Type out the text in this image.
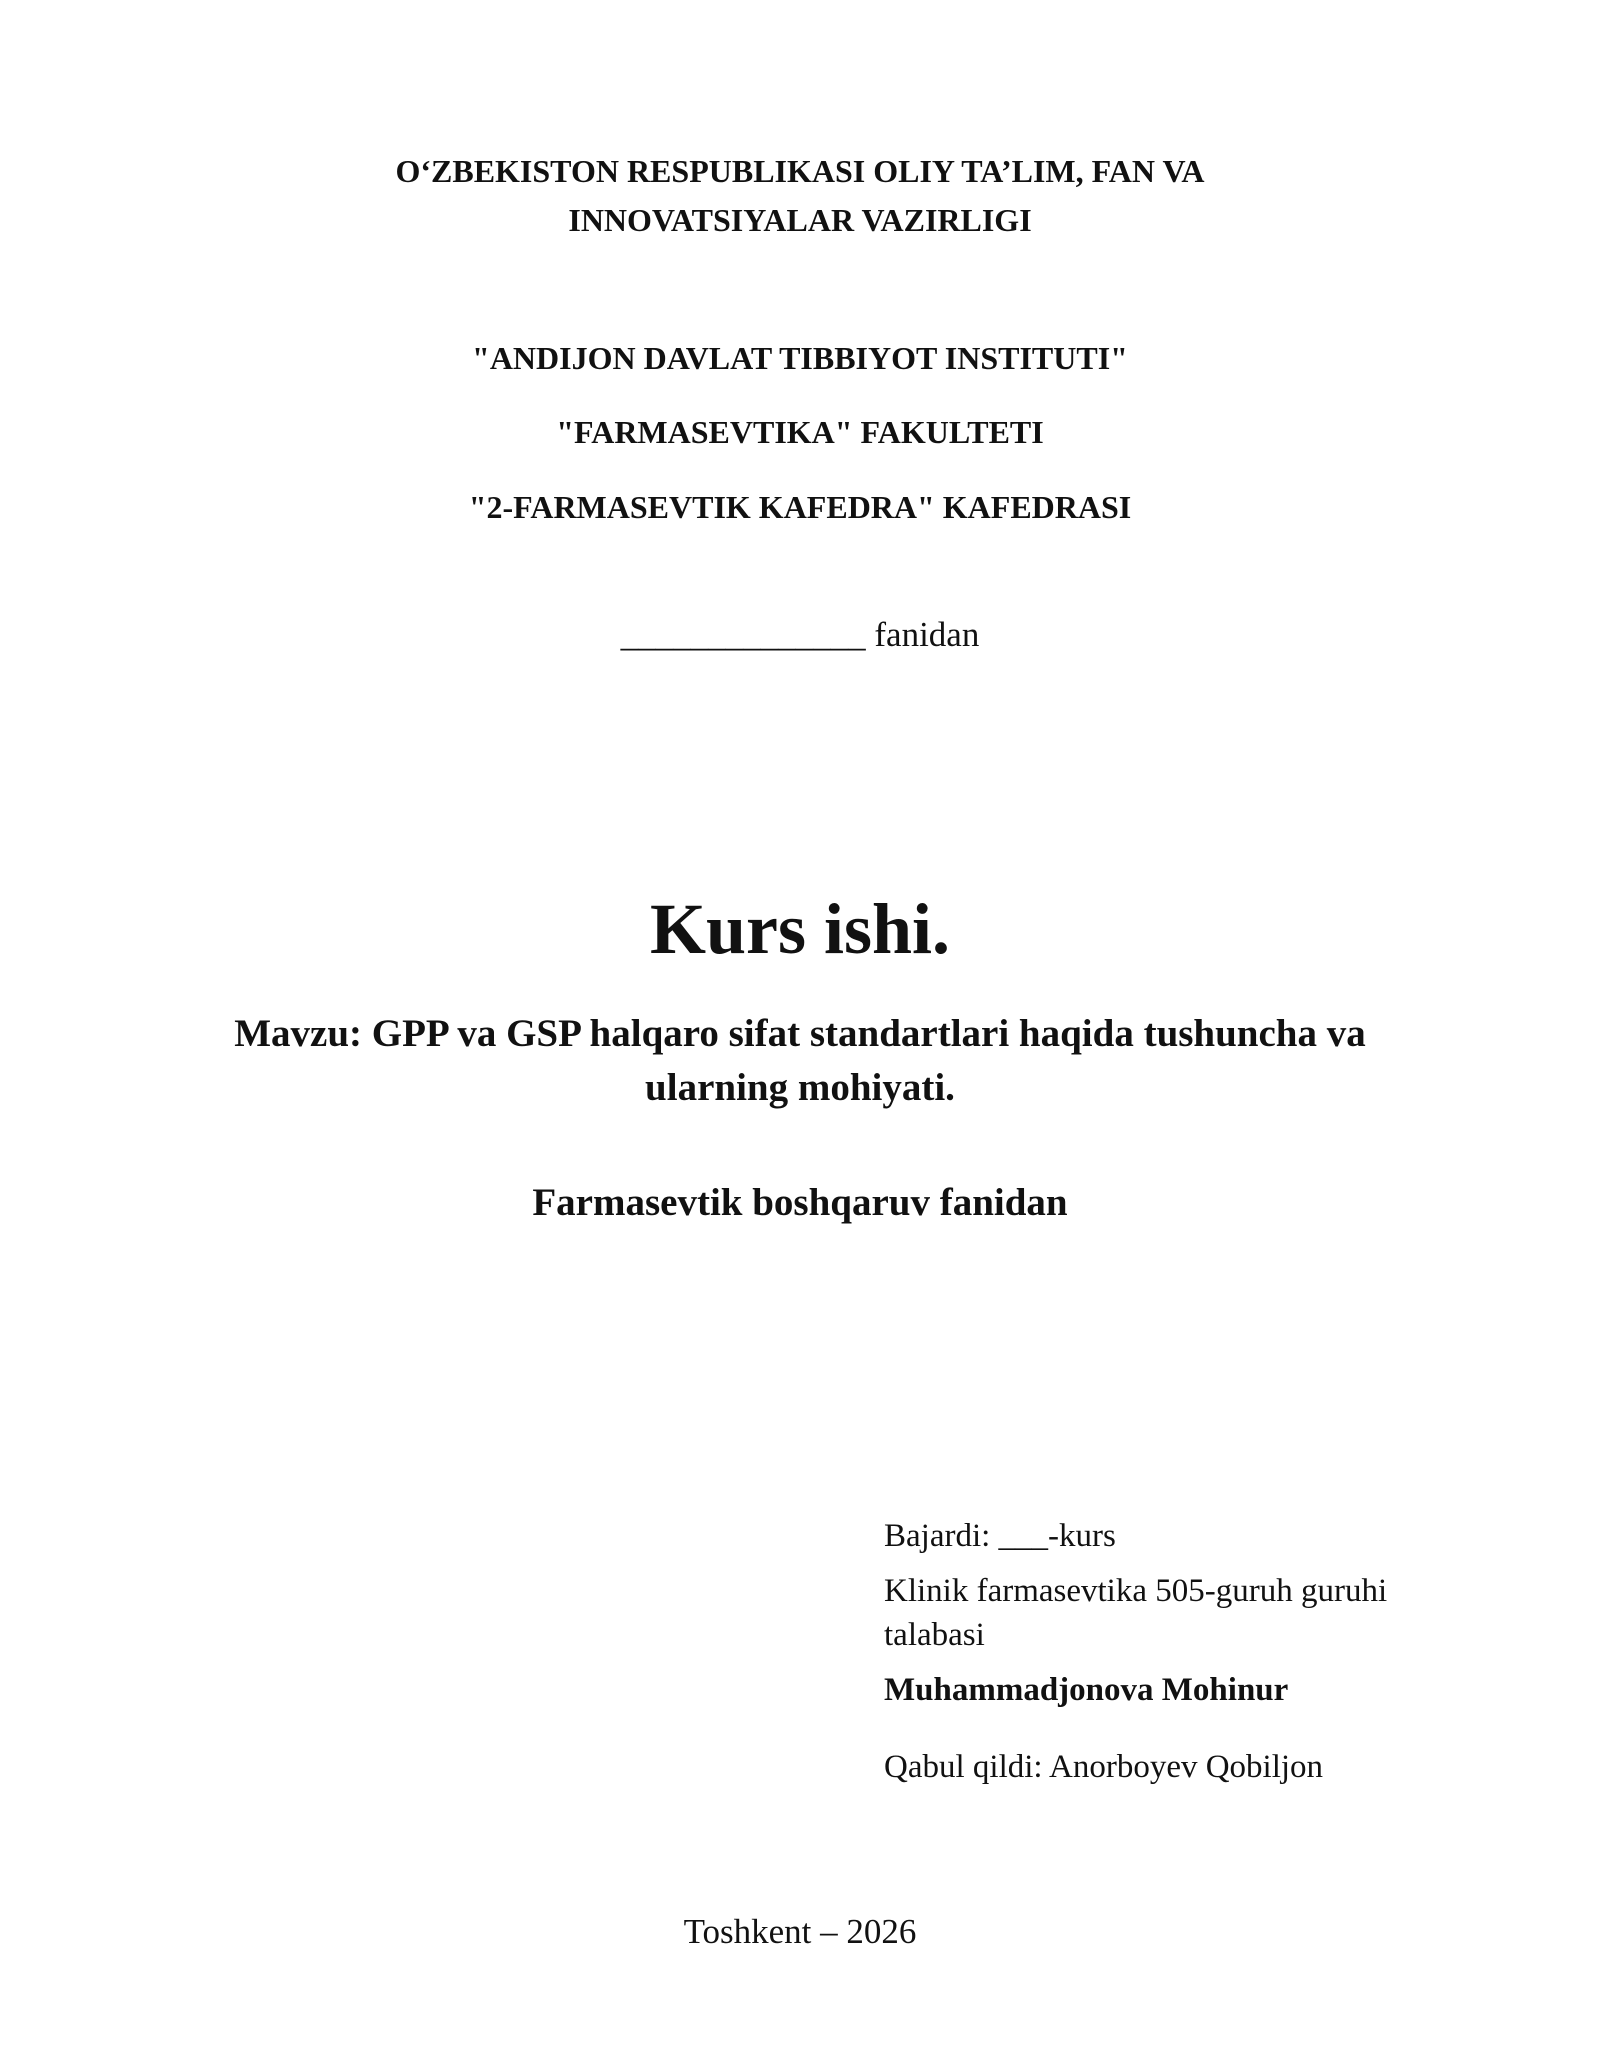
O‘ZBEKISTON RESPUBLIKASI OLIY TA’LIM, FAN VA
INNOVATSIYALAR VAZIRLIGI
"ANDIJON DAVLAT TIBBIYOT INSTITUTI"
"FARMASEVTIKA" FAKULTETI
"2-FARMASEVTIK KAFEDRA" KAFEDRASI
______________ fanidan
Kurs ishi.
Mavzu: GPP va GSP halqaro sifat standartlari haqida tushuncha va
ularning mohiyati.
Farmasevtik boshqaruv fanidan
Bajardi: ___-kurs
Klinik farmasevtika 505-guruh guruhi talabasi
Muhammadjonova Mohinur
Qabul qildi: Anorboyev Qobiljon
Toshkent – 2026
